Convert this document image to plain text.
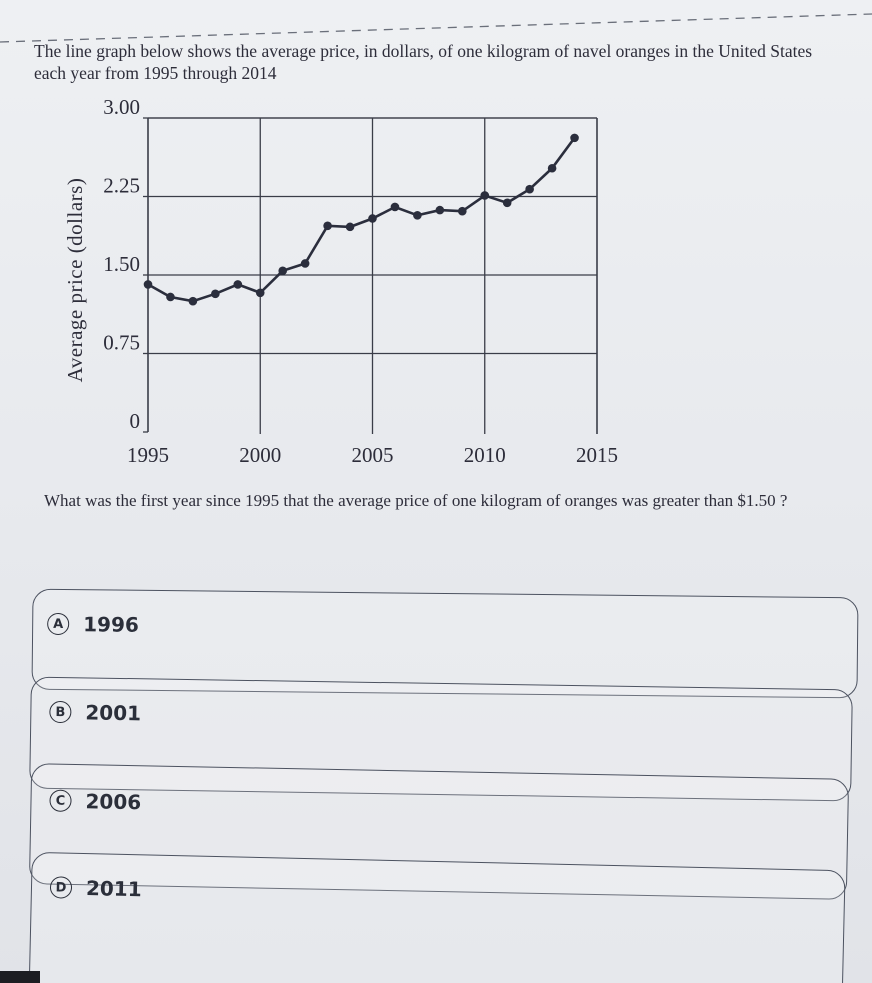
The line graph below shows the average price, in dollars, of one kilogram of navel oranges in the United States each year from 1995 through 2014
0
0.75
1.50
2.25
3.00
1995	2000	2005	2010	2015
Average price (dollars)
What was the first year since 1995 that the average price of one kilogram of oranges was greater than $1.50 ?
A 1996
B 2001
C 2006
D 2011
